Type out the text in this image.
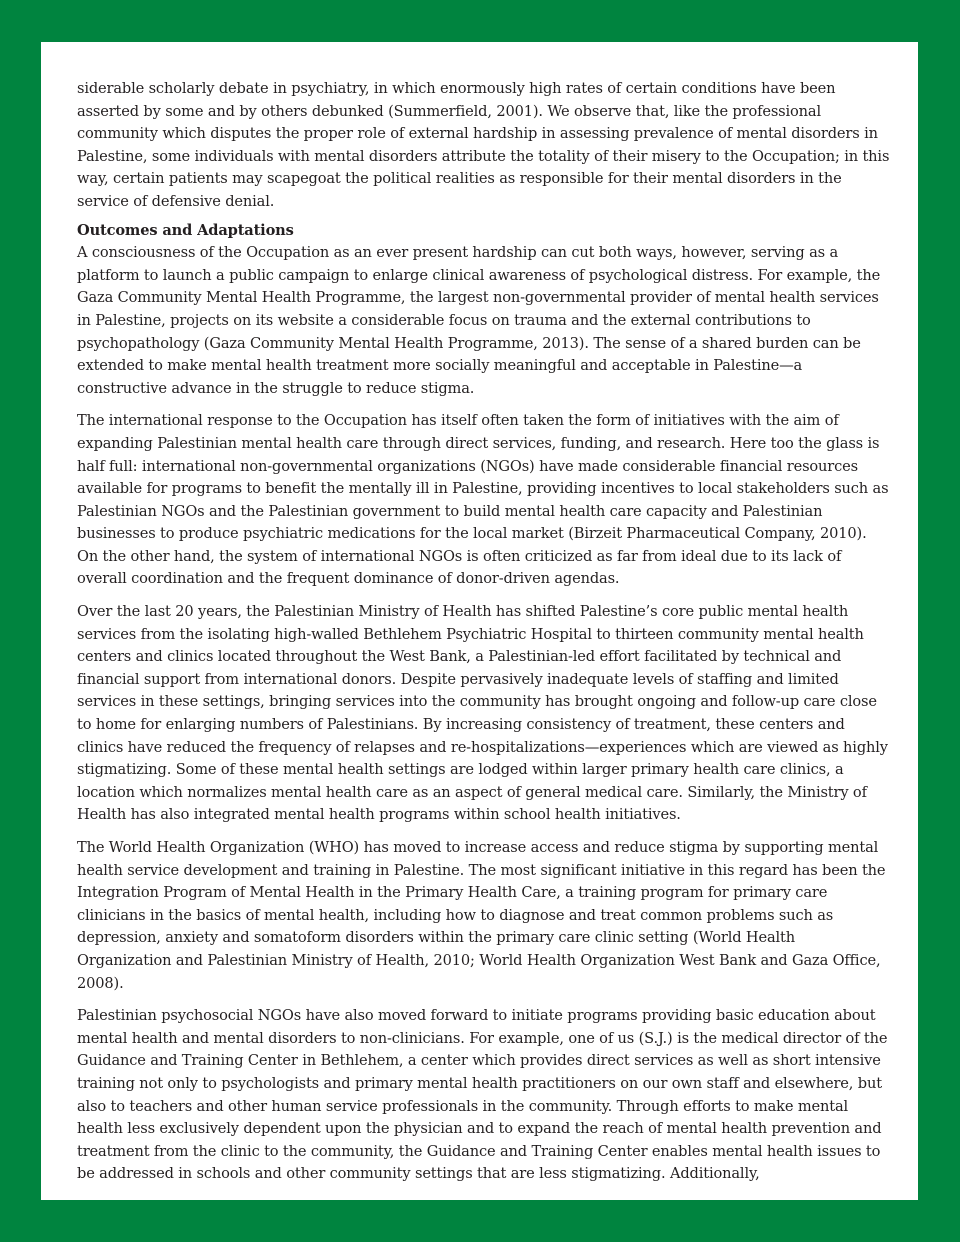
siderable scholarly debate in psychiatry, in which enormously high rates of certain conditions have been asserted by some and by others debunked (Summerfield, 2001). We observe that, like the professional community which disputes the proper role of external hardship in assessing prevalence of mental disorders in Palestine, some individuals with mental disorders attribute the totality of their misery to the Occupation; in this way, certain patients may scapegoat the political realities as responsible for their mental disorders in the service of defensive denial.

Outcomes and Adaptations

A consciousness of the Occupation as an ever present hardship can cut both ways, however, serving as a platform to launch a public campaign to enlarge clinical awareness of psychological distress. For example, the Gaza Community Mental Health Programme, the largest non-governmental provider of mental health services in Palestine, projects on its website a considerable focus on trauma and the external contributions to psychopathology (Gaza Community Mental Health Programme, 2013). The sense of a shared burden can be extended to make mental health treatment more socially meaningful and acceptable in Palestine—a constructive advance in the struggle to reduce stigma.

The international response to the Occupation has itself often taken the form of initiatives with the aim of expanding Palestinian mental health care through direct services, funding, and research. Here too the glass is half full: international non-governmental organizations (NGOs) have made considerable financial resources available for programs to benefit the mentally ill in Palestine, providing incentives to local stakeholders such as Palestinian NGOs and the Palestinian government to build mental health care capacity and Palestinian businesses to produce psychiatric medications for the local market (Birzeit Pharmaceutical Company, 2010). On the other hand, the system of international NGOs is often criticized as far from ideal due to its lack of overall coordination and the frequent dominance of donor-driven agendas.

Over the last 20 years, the Palestinian Ministry of Health has shifted Palestine’s core public mental health services from the isolating high-walled Bethlehem Psychiatric Hospital to thirteen community mental health centers and clinics located throughout the West Bank, a Palestinian-led effort facilitated by technical and financial support from international donors. Despite pervasively inadequate levels of staffing and limited services in these settings, bringing services into the community has brought ongoing and follow-up care close to home for enlarging numbers of Palestinians. By increasing consistency of treatment, these centers and clinics have reduced the frequency of relapses and re-hospitalizations—experiences which are viewed as highly stigmatizing. Some of these mental health settings are lodged within larger primary health care clinics, a location which normalizes mental health care as an aspect of general medical care. Similarly, the Ministry of Health has also integrated mental health programs within school health initiatives.

The World Health Organization (WHO) has moved to increase access and reduce stigma by supporting mental health service development and training in Palestine. The most significant initiative in this regard has been the Integration Program of Mental Health in the Primary Health Care, a training program for primary care clinicians in the basics of mental health, including how to diagnose and treat common problems such as depression, anxiety and somatoform disorders within the primary care clinic setting (World Health Organization and Palestinian Ministry of Health, 2010; World Health Organization West Bank and Gaza Office, 2008).

Palestinian psychosocial NGOs have also moved forward to initiate programs providing basic education about mental health and mental disorders to non-clinicians. For example, one of us (S.J.) is the medical director of the Guidance and Training Center in Bethlehem, a center which provides direct services as well as short intensive training not only to psychologists and primary mental health practitioners on our own staff and elsewhere, but also to teachers and other human service professionals in the community. Through efforts to make mental health less exclusively dependent upon the physician and to expand the reach of mental health prevention and treatment from the clinic to the community, the Guidance and Training Center enables mental health issues to be addressed in schools and other community settings that are less stigmatizing. Additionally,
